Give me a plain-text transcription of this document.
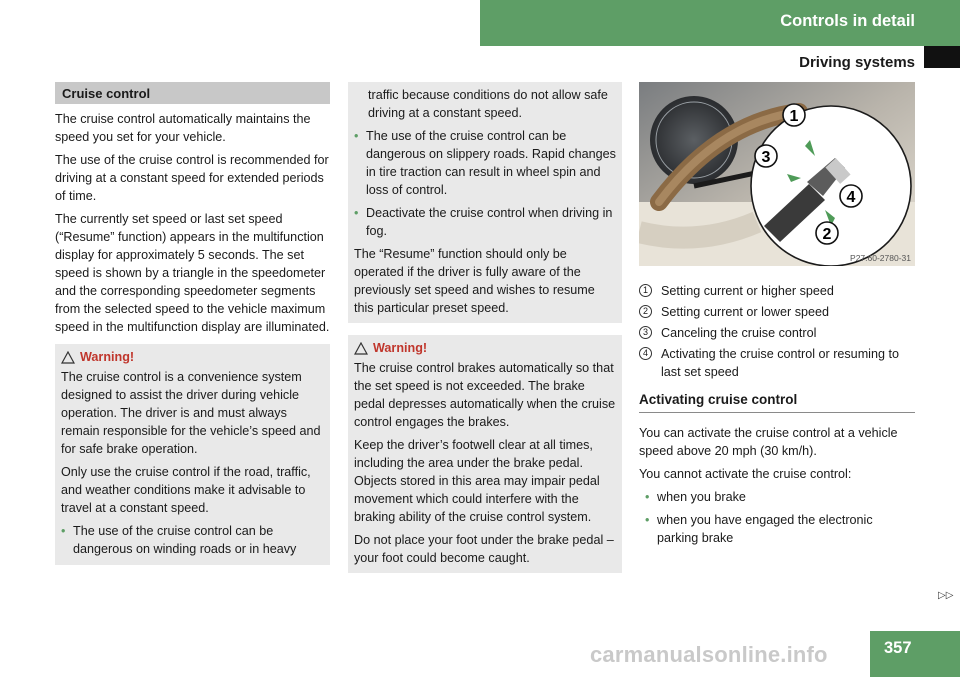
Controls in detail
Driving systems
Cruise control

The cruise control automatically maintains the speed you set for your vehicle.

The use of the cruise control is recommended for driving at a constant speed for extended periods of time.

The currently set speed or last set speed (“Resume” function) appears in the multifunction display for approximately 5 seconds. The set speed is shown by a triangle in the speedometer and the corresponding speedometer segments from the selected speed to the vehicle maximum speed in the multifunction display are illuminated.

Warning!

The cruise control is a convenience system designed to assist the driver during vehicle operation. The driver is and must always remain responsible for the vehicle’s speed and for safe brake operation.

Only use the cruise control if the road, traffic, and weather conditions make it advisable to travel at a constant speed.

• The use of the cruise control can be dangerous on winding roads or in heavy

traffic because conditions do not allow safe driving at a constant speed.

• The use of the cruise control can be dangerous on slippery roads. Rapid changes in tire traction can result in wheel spin and loss of control.
• Deactivate the cruise control when driving in fog.

The “Resume” function should only be operated if the driver is fully aware of the previously set speed and wishes to resume this particular preset speed.

Warning!

The cruise control brakes automatically so that the set speed is not exceeded. The brake pedal depresses automatically when the cruise control engages the brakes.

Keep the driver’s footwell clear at all times, including the area under the brake pedal. Objects stored in this area may impair pedal movement which could interfere with the braking ability of the cruise control system.

Do not place your foot under the brake pedal – your foot could become caught.

1
2
3
4
P27.60-2780-31
1	Setting current or higher speed
2	Setting current or lower speed
3	Canceling the cruise control
4	Activating the cruise control or resuming to last set speed
Activating cruise control

You can activate the cruise control at a vehicle speed above 20 mph (30 km/h).

You cannot activate the cruise control:

• when you brake
• when you have engaged the electronic parking brake
▷▷
carmanualsonline.info	357
